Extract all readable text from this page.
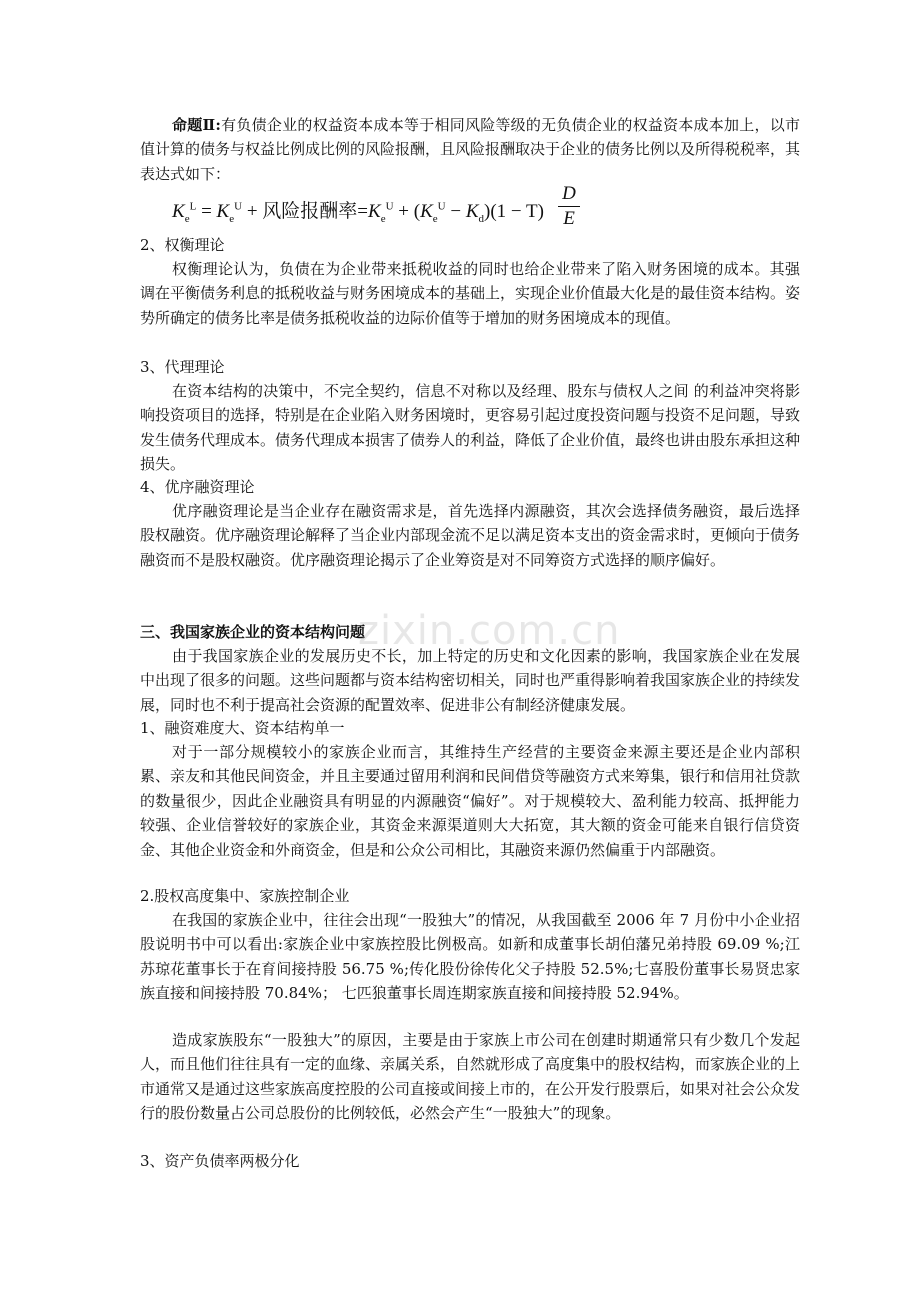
命题Ⅱ:有负债企业的权益资本成本等于相同风险等级的无负债企业的权益资本成本加上，以市值计算的债务与权益比例成比例的风险报酬，且风险报酬取决于企业的债务比例以及所得税税率，其表达式如下：

$K_e^L = K_e^U$ + 风险报酬率$=K_e^U + (K_e^U - K_d)(1 - T)$
D
E
2、权衡理论

权衡理论认为，负债在为企业带来抵税收益的同时也给企业带来了陷入财务困境的成本。其强调在平衡债务利息的抵税收益与财务困境成本的基础上，实现企业价值最大化是的最佳资本结构。姿势所确定的债务比率是债务抵税收益的边际价值等于增加的财务困境成本的现值。

3、代理理论

在资本结构的决策中，不完全契约，信息不对称以及经理、股东与债权人之间 的利益冲突将影响投资项目的选择，特别是在企业陷入财务困境时，更容易引起过度投资问题与投资不足问题，导致发生债务代理成本。债务代理成本损害了债券人的利益，降低了企业价值，最终也讲由股东承担这种损失。

4、优序融资理论

优序融资理论是当企业存在融资需求是，首先选择内源融资，其次会选择债务融资，最后选择股权融资。优序融资理论解释了当企业内部现金流不足以满足资本支出的资金需求时，更倾向于债务融资而不是股权融资。优序融资理论揭示了企业筹资是对不同筹资方式选择的顺序偏好。

三、我国家族企业的资本结构问题

由于我国家族企业的发展历史不长，加上特定的历史和文化因素的影响，我国家族企业在发展中出现了很多的问题。这些问题都与资本结构密切相关，同时也严重得影响着我国家族企业的持续发展，同时也不利于提高社会资源的配置效率、促进非公有制经济健康发展。

1、融资难度大、资本结构单一

对于一部分规模较小的家族企业而言，其维持生产经营的主要资金来源主要还是企业内部积累、亲友和其他民间资金，并且主要通过留用利润和民间借贷等融资方式来筹集，银行和信用社贷款的数量很少，因此企业融资具有明显的内源融资“偏好”。对于规模较大、盈利能力较高、抵押能力较强、企业信誉较好的家族企业，其资金来源渠道则大大拓宽，其大额的资金可能来自银行信贷资金、其他企业资金和外商资金，但是和公众公司相比，其融资来源仍然偏重于内部融资。

2.股权高度集中、家族控制企业

在我国的家族企业中，往往会出现“一股独大”的情况，从我国截至 2006 年 7 月份中小企业招股说明书中可以看出:家族企业中家族控股比例极高。如新和成董事长胡伯藩兄弟持股 69.09 %;江苏琼花董事长于在育间接持股 56.75 %;传化股份徐传化父子持股 52.5%;七喜股份董事长易贤忠家族直接和间接持股 70.84%； 七匹狼董事长周连期家族直接和间接持股 52.94%。

造成家族股东“一股独大”的原因，主要是由于家族上市公司在创建时期通常只有少数几个发起人，而且他们往往具有一定的血缘、亲属关系，自然就形成了高度集中的股权结构，而家族企业的上市通常又是通过这些家族高度控股的公司直接或间接上市的，在公开发行股票后，如果对社会公众发行的股份数量占公司总股份的比例较低，必然会产生“一股独大”的现象。

3、资产负债率两极分化
zixin.com.cn
